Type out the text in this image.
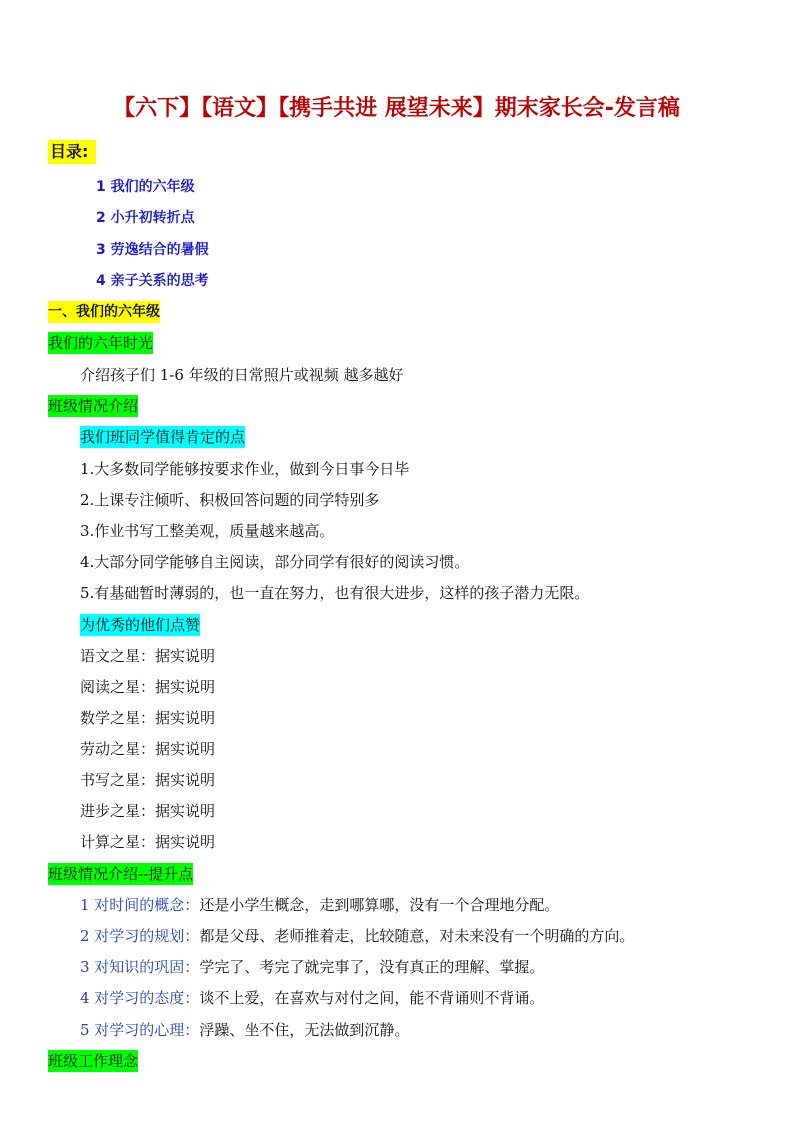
【六下】【语文】【携手共进 展望未来】期末家长会-发言稿
目录:
1 我们的六年级
2 小升初转折点
3 劳逸结合的暑假
4 亲子关系的思考
一、我们的六年级
我们的六年时光
介绍孩子们 1-6 年级的日常照片或视频 越多越好
班级情况介绍
我们班同学值得肯定的点
1.大多数同学能够按要求作业，做到今日事今日毕
2.上课专注倾听、积极回答问题的同学特别多
3.作业书写工整美观，质量越来越高。
4.大部分同学能够自主阅读，部分同学有很好的阅读习惯。
5.有基础暂时薄弱的，也一直在努力，也有很大进步，这样的孩子潜力无限。
为优秀的他们点赞
语文之星：据实说明
阅读之星：据实说明
数学之星：据实说明
劳动之星：据实说明
书写之星：据实说明
进步之星：据实说明
计算之星：据实说明
班级情况介绍--提升点
1 对时间的概念：还是小学生概念，走到哪算哪，没有一个合理地分配。
2 对学习的规划：都是父母、老师推着走，比较随意，对未来没有一个明确的方向。
3 对知识的巩固：学完了、考完了就完事了，没有真正的理解、掌握。
4 对学习的态度：谈不上爱，在喜欢与对付之间，能不背诵则不背诵。
5 对学习的心理：浮躁、坐不住，无法做到沉静。
班级工作理念
